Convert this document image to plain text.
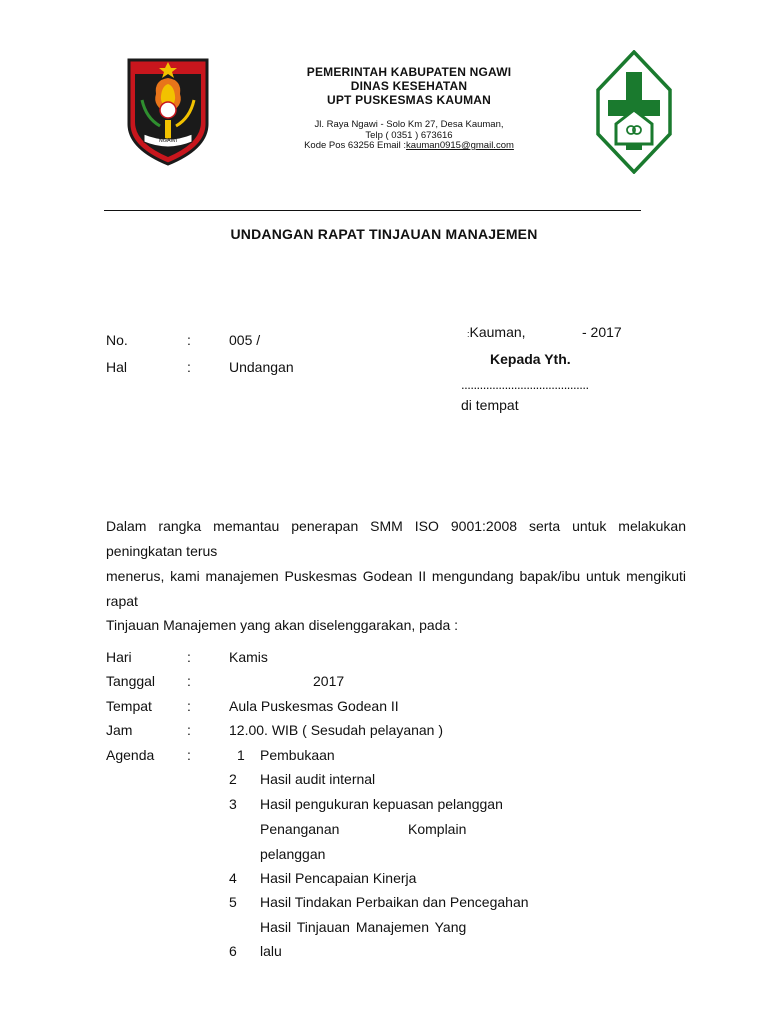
NGAWI
PEMERINTAH KABUPATEN NGAWI
DINAS KESEHATAN
UPT PUSKESMAS KAUMAN
Jl. Raya Ngawi - Solo Km 27, Desa Kauman,
Telp ( 0351 ) 673616
Kode Pos 63256 Email :kauman0915@gmail.com
UNDANGAN RAPAT TINJAUAN MANAJEMEN
No.	:	005 /
Hal	:	Undangan
:Kauman,	- 2017
Kepada Yth.
.........................................
di tempat
Dalam rangka memantau penerapan SMM ISO 9001:2008 serta untuk melakukan
peningkatan terus
menerus, kami manajemen Puskesmas Godean II mengundang bapak/ibu untuk mengikuti
rapat
Tinjauan Manajemen yang akan diselenggarakan, pada :
Hari	:	Kamis
Tanggal :	2017
Tempat	:	Aula Puskesmas Godean II
Jam	:	12.00. WIB ( Sesudah pelayanan )
Agenda :	1 Pembukaan
2 Hasil audit internal
3 Hasil pengukuran kepuasan pelanggan
Penanganan	Komplain
pelanggan
4 Hasil Pencapaian Kinerja
5 Hasil Tindakan Perbaikan dan Pencegahan
Hasil Tinjauan Manajemen Yang
6 lalu
